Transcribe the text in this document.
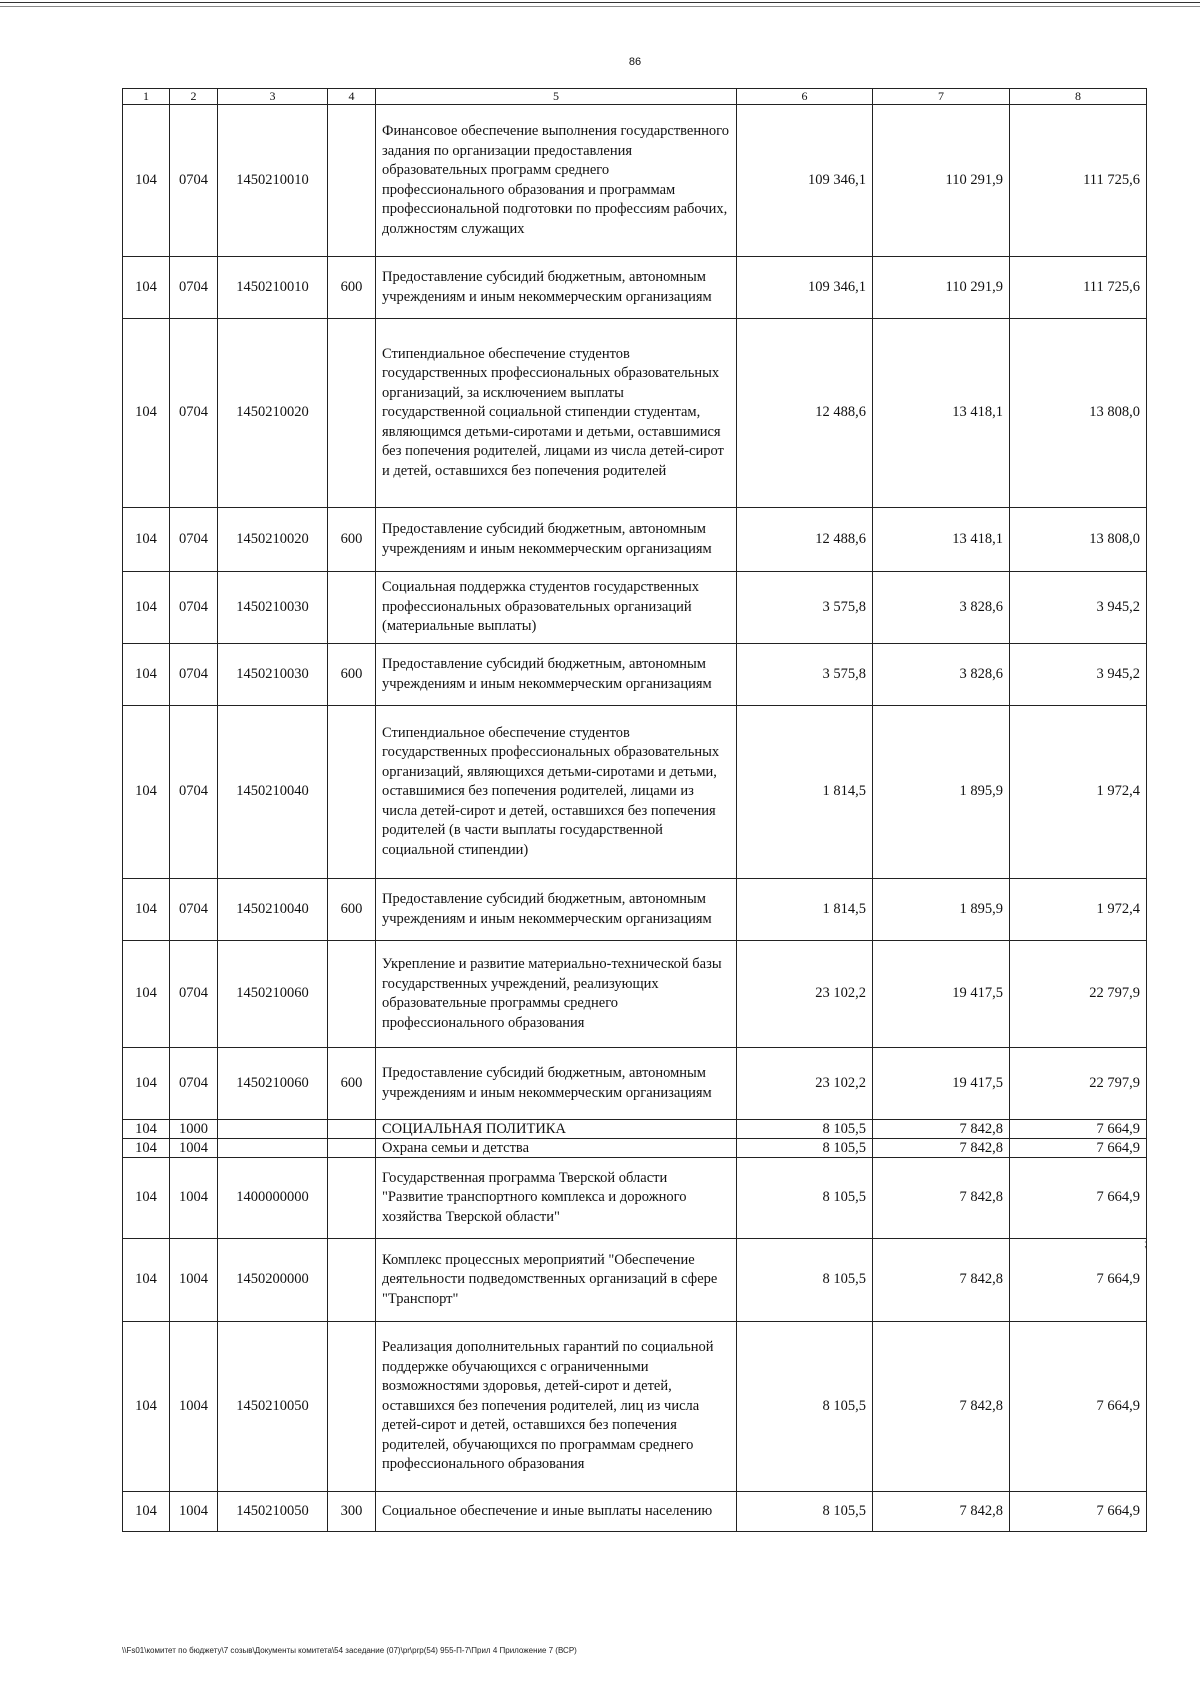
86
1	2	3	4	5	6	7	8
104	0704	1450210010		Финансовое обеспечение выполнения государственного задания по организации предоставления образовательных программ среднего профессионального образования и программам профессиональной подготовки по профессиям рабочих, должностям служащих	109 346,1	110 291,9	111 725,6
104	0704	1450210010	600	Предоставление субсидий бюджетным, автономным учреждениям и иным некоммерческим организациям	109 346,1	110 291,9	111 725,6
104	0704	1450210020		Стипендиальное обеспечение студентов государственных профессиональных образовательных организаций, за исключением выплаты государственной социальной стипендии студентам, являющимся детьми-сиротами и детьми, оставшимися без попечения родителей, лицами из числа детей-сирот и детей, оставшихся без попечения родителей	12 488,6	13 418,1	13 808,0
104	0704	1450210020	600	Предоставление субсидий бюджетным, автономным учреждениям и иным некоммерческим организациям	12 488,6	13 418,1	13 808,0
104	0704	1450210030		Социальная поддержка студентов государственных профессиональных образовательных организаций (материальные выплаты)	3 575,8	3 828,6	3 945,2
104	0704	1450210030	600	Предоставление субсидий бюджетным, автономным учреждениям и иным некоммерческим организациям	3 575,8	3 828,6	3 945,2
104	0704	1450210040		Стипендиальное обеспечение студентов государственных профессиональных образовательных организаций, являющихся детьми-сиротами и детьми, оставшимися без попечения родителей, лицами из числа детей-сирот и детей, оставшихся без попечения родителей (в части выплаты государственной социальной стипендии)	1 814,5	1 895,9	1 972,4
104	0704	1450210040	600	Предоставление субсидий бюджетным, автономным учреждениям и иным некоммерческим организациям	1 814,5	1 895,9	1 972,4
104	0704	1450210060		Укрепление и развитие материально-технической базы государственных учреждений, реализующих образовательные программы среднего профессионального образования	23 102,2	19 417,5	22 797,9
104	0704	1450210060	600	Предоставление субсидий бюджетным, автономным учреждениям и иным некоммерческим организациям	23 102,2	19 417,5	22 797,9
104	1000			СОЦИАЛЬНАЯ ПОЛИТИКА	8 105,5	7 842,8	7 664,9
104	1004			Охрана семьи и детства	8 105,5	7 842,8	7 664,9
104	1004	1400000000		Государственная программа Тверской области "Развитие транспортного комплекса и дорожного хозяйства Тверской области"	8 105,5	7 842,8	7 664,9
104	1004	1450200000		Комплекс процессных мероприятий "Обеспечение деятельности подведомственных организаций в сфере "Транспорт"	8 105,5	7 842,8	7 664,9
104	1004	1450210050		Реализация дополнительных гарантий по социальной поддержке обучающихся с ограниченными возможностями здоровья, детей-сирот и детей, оставшихся без попечения родителей, лиц из числа детей-сирот и детей, оставшихся без попечения родителей, обучающихся по программам среднего профессионального образования	8 105,5	7 842,8	7 664,9
104	1004	1450210050	300	Социальное обеспечение и иные выплаты населению	8 105,5	7 842,8	7 664,9
;
\\Fs01\комитет по бюджету\7 созыв\Документы комитета\54 заседание (07)\pr\prp(54) 955-П-7\Прил 4 Приложение 7 (ВСР)
